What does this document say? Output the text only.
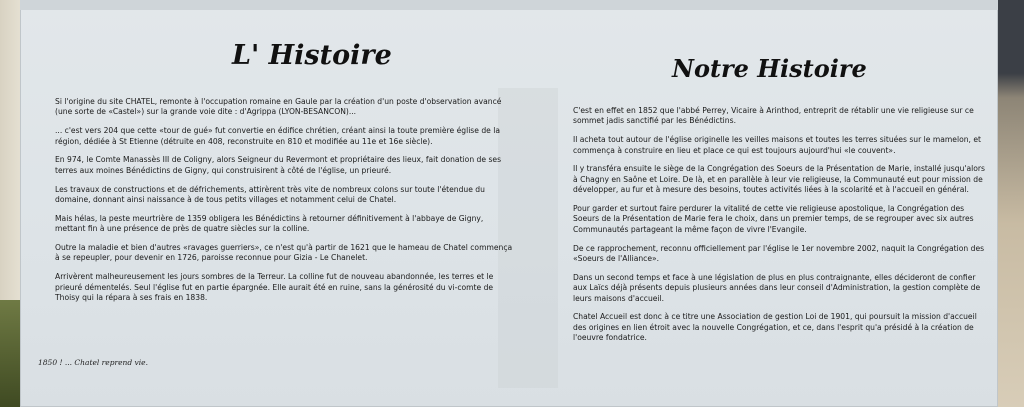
L' Histoire	Notre Histoire

Si l'origine du site CHATEL, remonte à l'occupation romaine en Gaule par la création d'un poste d'observation avancé (une sorte de «Castel») sur la grande voie dite : d'Agrippa (LYON-BESANCON)...

... c'est vers 204 que cette «tour de gué» fut convertie en édifice chrétien, créant ainsi la toute première église de la région, dédiée à St Etienne (détruite en 408, reconstruite en 810 et modifiée au 11e et 16e siècle).

En 974, le Comte Manassès III de Coligny, alors Seigneur du Revermont et propriétaire des lieux, fait donation de ses terres aux moines Bénédictins de Gigny, qui construisirent à côté de l'église, un prieuré.

Les travaux de constructions et de défrichements, attirèrent très vite de nombreux colons sur toute l'étendue du domaine, donnant ainsi naissance à de tous petits villages et notamment celui de Chatel.

Mais hélas, la peste meurtrière de 1359 obligera les Bénédictins à retourner définitivement à l'abbaye de Gigny, mettant fin à une présence de près de quatre siècles sur la colline.

Outre la maladie et bien d'autres «ravages guerriers», ce n'est qu'à partir de 1621 que le hameau de Chatel commença à se repeupler, pour devenir en 1726, paroisse reconnue pour Gizia - Le Chanelet.

Arrivèrent malheureusement les jours sombres de la Terreur. La colline fut de nouveau abandonnée, les terres et le prieuré démentelés. Seul l'église fut en partie épargnée. Elle aurait été en ruine, sans la générosité du vi-comte de Thoisy qui la répara à ses frais en 1838.

1850 ! ... Chatel reprend vie.

C'est en effet en 1852 que l'abbé Perrey, Vicaire à Arinthod, entreprit de rétablir une vie religieuse sur ce sommet jadis sanctifié par les Bénédictins.

Il acheta tout autour de l'église originelle les veilles maisons et toutes les terres situées sur le mamelon, et commença à construire en lieu et place ce qui est toujours aujourd'hui «le couvent».

Il y transféra ensuite le siège de la Congrégation des Soeurs de la Présentation de Marie, installé jusqu'alors à Chagny en Saône et Loire. De là, et en parallèle à leur vie religieuse, la Communauté eut pour mission de développer, au fur et à mesure des besoins, toutes activités liées à la scolarité et à l'accueil en général.

Pour garder et surtout faire perdurer la vitalité de cette vie religieuse apostolique, la Congrégation des Soeurs de la Présentation de Marie fera le choix, dans un premier temps, de se regrouper avec six autres Communautés partageant la même façon de vivre l'Evangile.

De ce rapprochement, reconnu officiellement par l'église le 1er novembre 2002, naquit la Congrégation des «Soeurs de l'Alliance».

Dans un second temps et face à une législation de plus en plus contraignante, elles décideront de confier aux Laïcs déjà présents depuis plusieurs années dans leur conseil d'Administration, la gestion complète de leurs maisons d'accueil.

Chatel Accueil est donc à ce titre une Association de gestion Loi de 1901, qui poursuit la mission d'accueil des origines en lien étroit avec la nouvelle Congrégation, et ce, dans l'esprit qu'a présidé à la création de l'oeuvre fondatrice.
